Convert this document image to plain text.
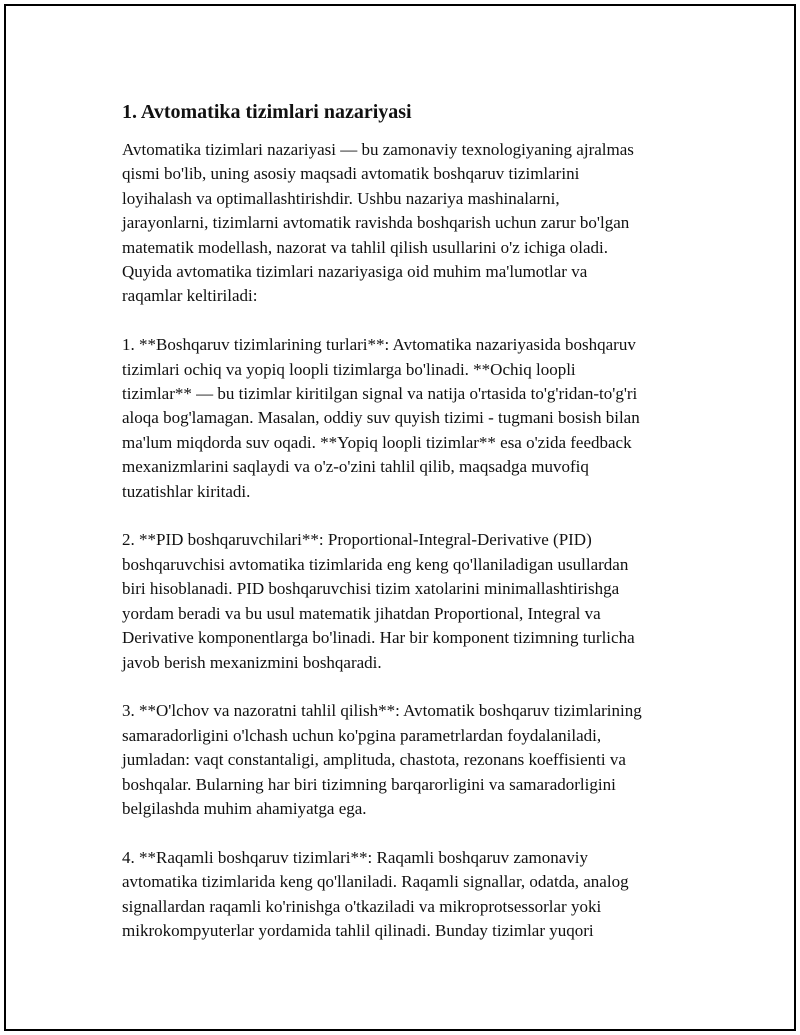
1. Avtomatika tizimlari nazariyasi

Avtomatika tizimlari nazariyasi — bu zamonaviy texnologiyaning ajralmas
qismi bo'lib, uning asosiy maqsadi avtomatik boshqaruv tizimlarini
loyihalash va optimallashtirishdir. Ushbu nazariya mashinalarni,
jarayonlarni, tizimlarni avtomatik ravishda boshqarish uchun zarur bo'lgan
matematik modellash, nazorat va tahlil qilish usullarini o'z ichiga oladi.
Quyida avtomatika tizimlari nazariyasiga oid muhim ma'lumotlar va
raqamlar keltiriladi:

1. **Boshqaruv tizimlarining turlari**: Avtomatika nazariyasida boshqaruv
tizimlari ochiq va yopiq loopli tizimlarga bo'linadi. **Ochiq loopli
tizimlar** — bu tizimlar kiritilgan signal va natija o'rtasida to'g'ridan-to'g'ri
aloqa bog'lamagan. Masalan, oddiy suv quyish tizimi - tugmani bosish bilan
ma'lum miqdorda suv oqadi. **Yopiq loopli tizimlar** esa o'zida feedback
mexanizmlarini saqlaydi va o'z-o'zini tahlil qilib, maqsadga muvofiq
tuzatishlar kiritadi.

2. **PID boshqaruvchilari**: Proportional-Integral-Derivative (PID)
boshqaruvchisi avtomatika tizimlarida eng keng qo'llaniladigan usullardan
biri hisoblanadi. PID boshqaruvchisi tizim xatolarini minimallashtirishga
yordam beradi va bu usul matematik jihatdan Proportional, Integral va
Derivative komponentlarga bo'linadi. Har bir komponent tizimning turlicha
javob berish mexanizmini boshqaradi.

3. **O'lchov va nazoratni tahlil qilish**: Avtomatik boshqaruv tizimlarining
samaradorligini o'lchash uchun ko'pgina parametrlardan foydalaniladi,
jumladan: vaqt constantaligi, amplituda, chastota, rezonans koeffisienti va
boshqalar. Bularning har biri tizimning barqarorligini va samaradorligini
belgilashda muhim ahamiyatga ega.

4. **Raqamli boshqaruv tizimlari**: Raqamli boshqaruv zamonaviy
avtomatika tizimlarida keng qo'llaniladi. Raqamli signallar, odatda, analog
signallardan raqamli ko'rinishga o'tkaziladi va mikroprotsessorlar yoki
mikrokompyuterlar yordamida tahlil qilinadi. Bunday tizimlar yuqori
